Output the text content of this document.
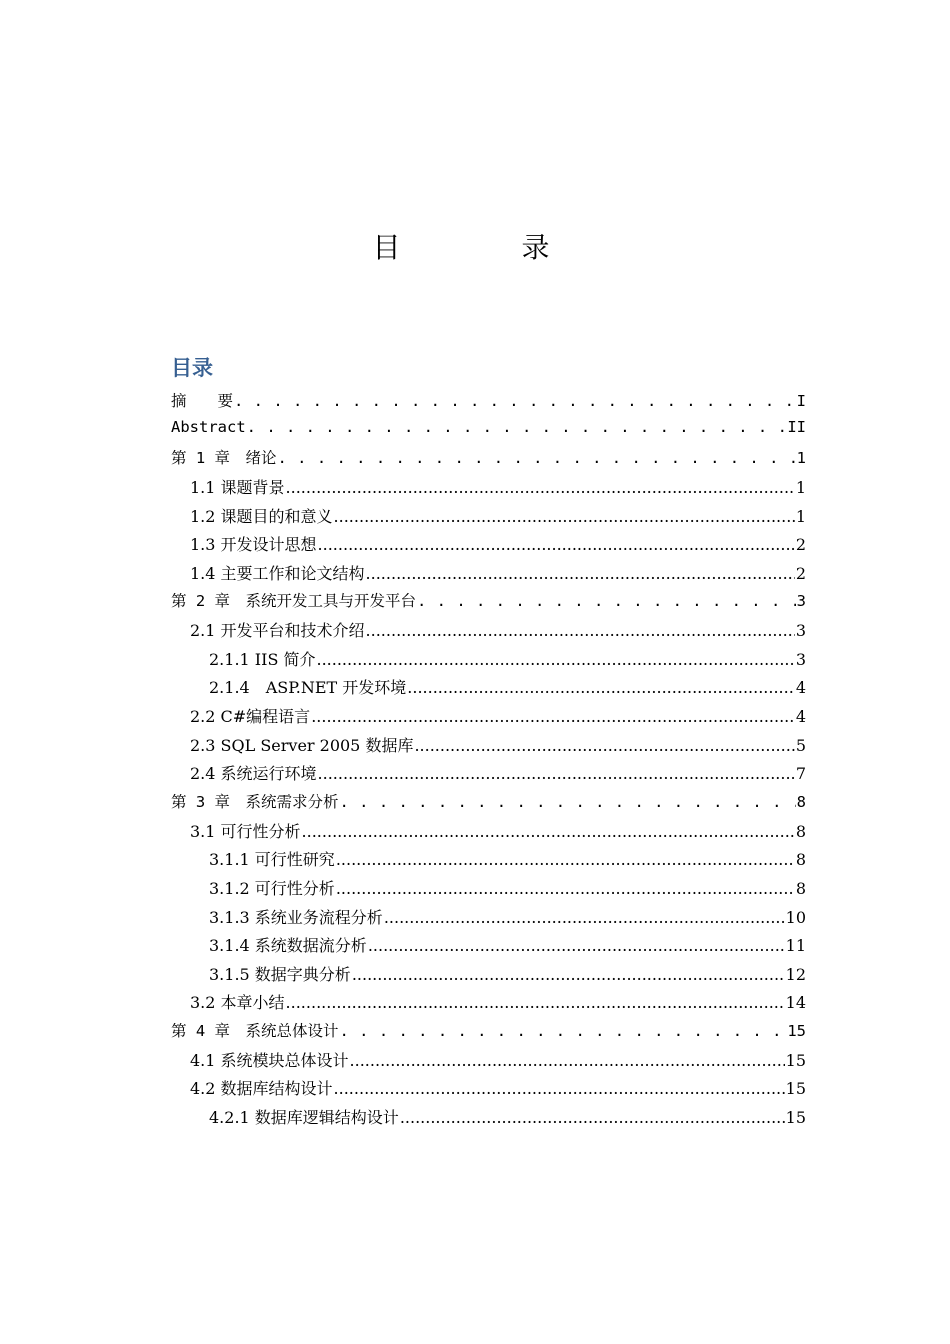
目 录
目录
摘　　要 . . .	I
Abstract . . .	II
第 1 章　绪论 . . .	1
1.1 课题背景 .....	1
1.2 课题目的和意义 .....	1
1.3 开发设计思想 .....	2
1.4 主要工作和论文结构 .....	2
第 2 章　系统开发工具与开发平台 . . .	3
2.1 开发平台和技术介绍 .....	3
2.1.1 IIS 简介 .....	3
2.1.4　ASP.NET 开发环境 .....	4
2.2 C#编程语言 .....	4
2.3 SQL Server 2005 数据库 .....	5
2.4 系统运行环境 .....	7
第 3 章　系统需求分析 . . .	8
3.1 可行性分析 .....	8
3.1.1 可行性研究 .....	8
3.1.2 可行性分析 .....	8
3.1.3 系统业务流程分析 .....	10
3.1.4 系统数据流分析 .....	11
3.1.5 数据字典分析 .....	12
3.2 本章小结 .....	14
第 4 章　系统总体设计 . . .	15
4.1 系统模块总体设计 .....	15
4.2 数据库结构设计 .....	15
4.2.1 数据库逻辑结构设计 .....	15
